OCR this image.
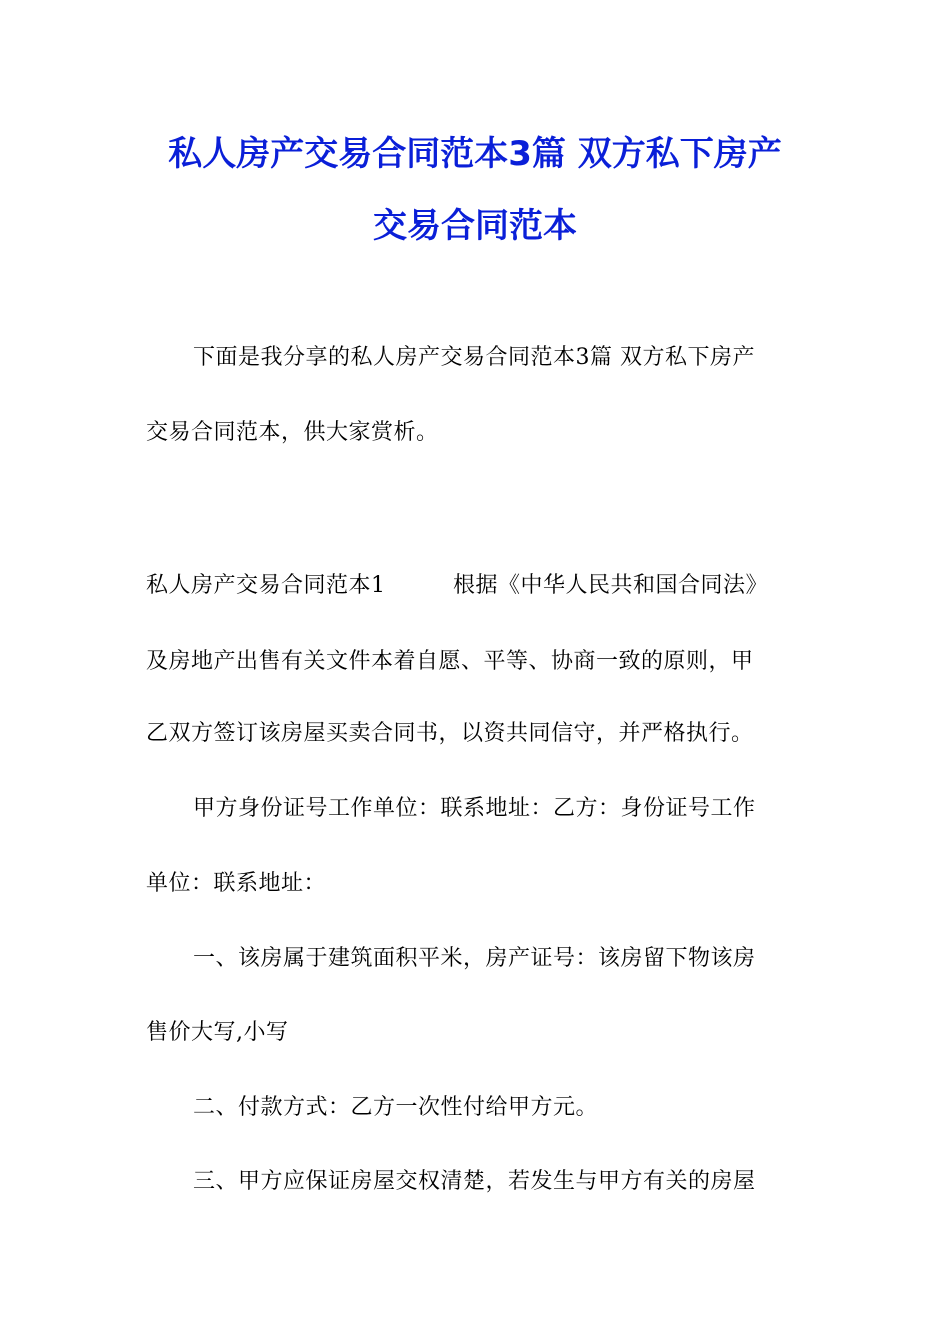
私人房产交易合同范本3篇 双方私下房产
交易合同范本
下面是我分享的私人房产交易合同范本3篇 双方私下房产
交易合同范本，供大家赏析。
私人房产交易合同范本1　　　根据《中华人民共和国合同法》
及房地产出售有关文件本着自愿、平等、协商一致的原则，甲
乙双方签订该房屋买卖合同书，以资共同信守，并严格执行。
甲方身份证号工作单位：联系地址：乙方：身份证号工作
单位：联系地址：
一、该房属于建筑面积平米，房产证号：该房留下物该房
售价大写,小写
二、付款方式：乙方一次性付给甲方元。
三、甲方应保证房屋交权清楚，若发生与甲方有关的房屋
